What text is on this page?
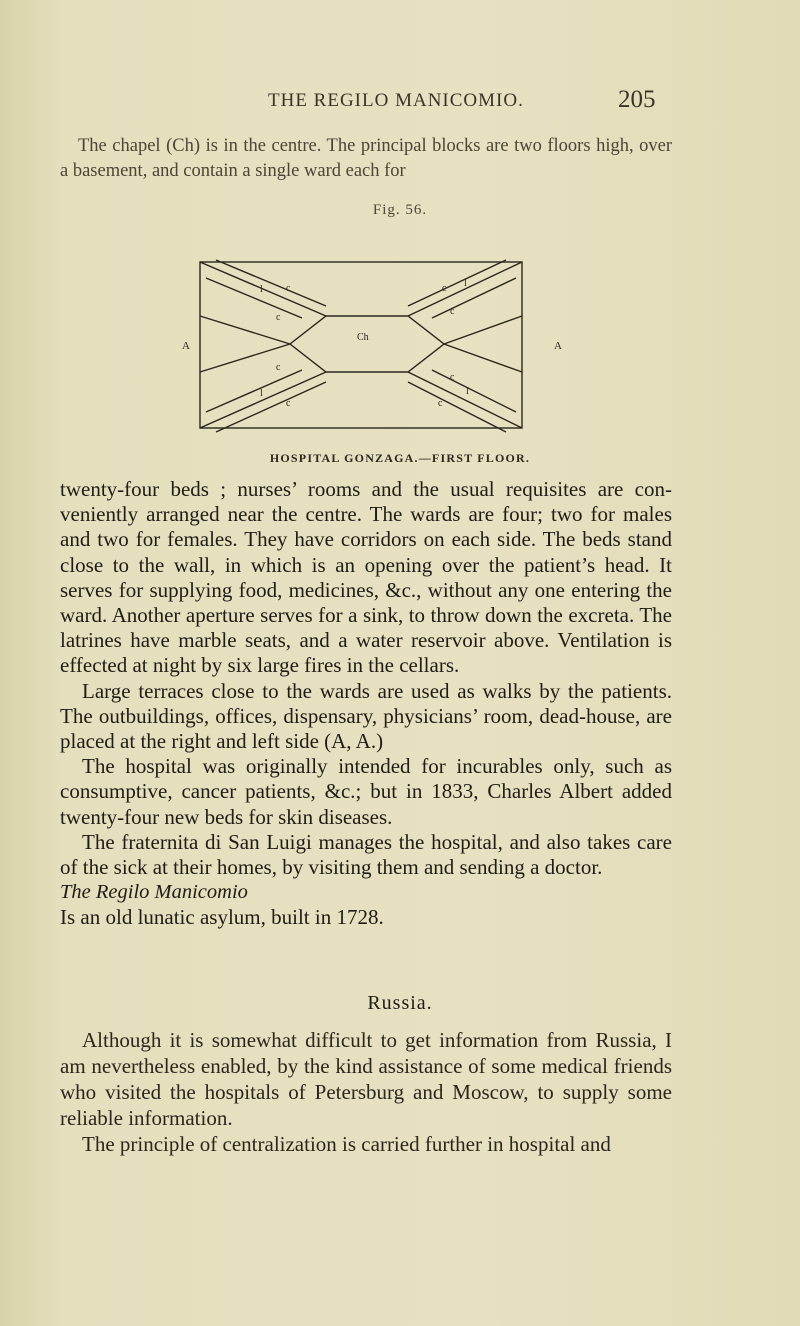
THE REGILO MANICOMIO.	205

The chapel (Ch) is in the centre. The principal blocks are two floors high, over a basement, and contain a single ward each for

Fig. 56.
A	A
Ch
c
c
c
c
c
c
c
c
l
l
l	l
HOSPITAL GONZAGA.—FIRST FLOOR.

twenty-four beds ; nurses’ rooms and the usual requisites are con-veniently arranged near the centre. The wards are four; two for males and two for females. They have corridors on each side. The beds stand close to the wall, in which is an opening over the patient’s head. It serves for supplying food, medicines, &c., without any one entering the ward. Another aperture serves for a sink, to throw down the excreta. The latrines have marble seats, and a water reservoir above. Ventilation is effected at night by six large fires in the cellars.

Large terraces close to the wards are used as walks by the patients. The outbuildings, offices, dispensary, physicians’ room, dead-house, are placed at the right and left side (A, A.)

The hospital was originally intended for incurables only, such as consumptive, cancer patients, &c.; but in 1833, Charles Albert added twenty-four new beds for skin diseases.

The fraternita di San Luigi manages the hospital, and also takes care of the sick at their homes, by visiting them and sending a doctor.

The Regilo Manicomio

Is an old lunatic asylum, built in 1728.

Russia.

Although it is somewhat difficult to get information from Russia, I am nevertheless enabled, by the kind assistance of some medical friends who visited the hospitals of Petersburg and Moscow, to supply some reliable information.

The principle of centralization is carried further in hospital and
